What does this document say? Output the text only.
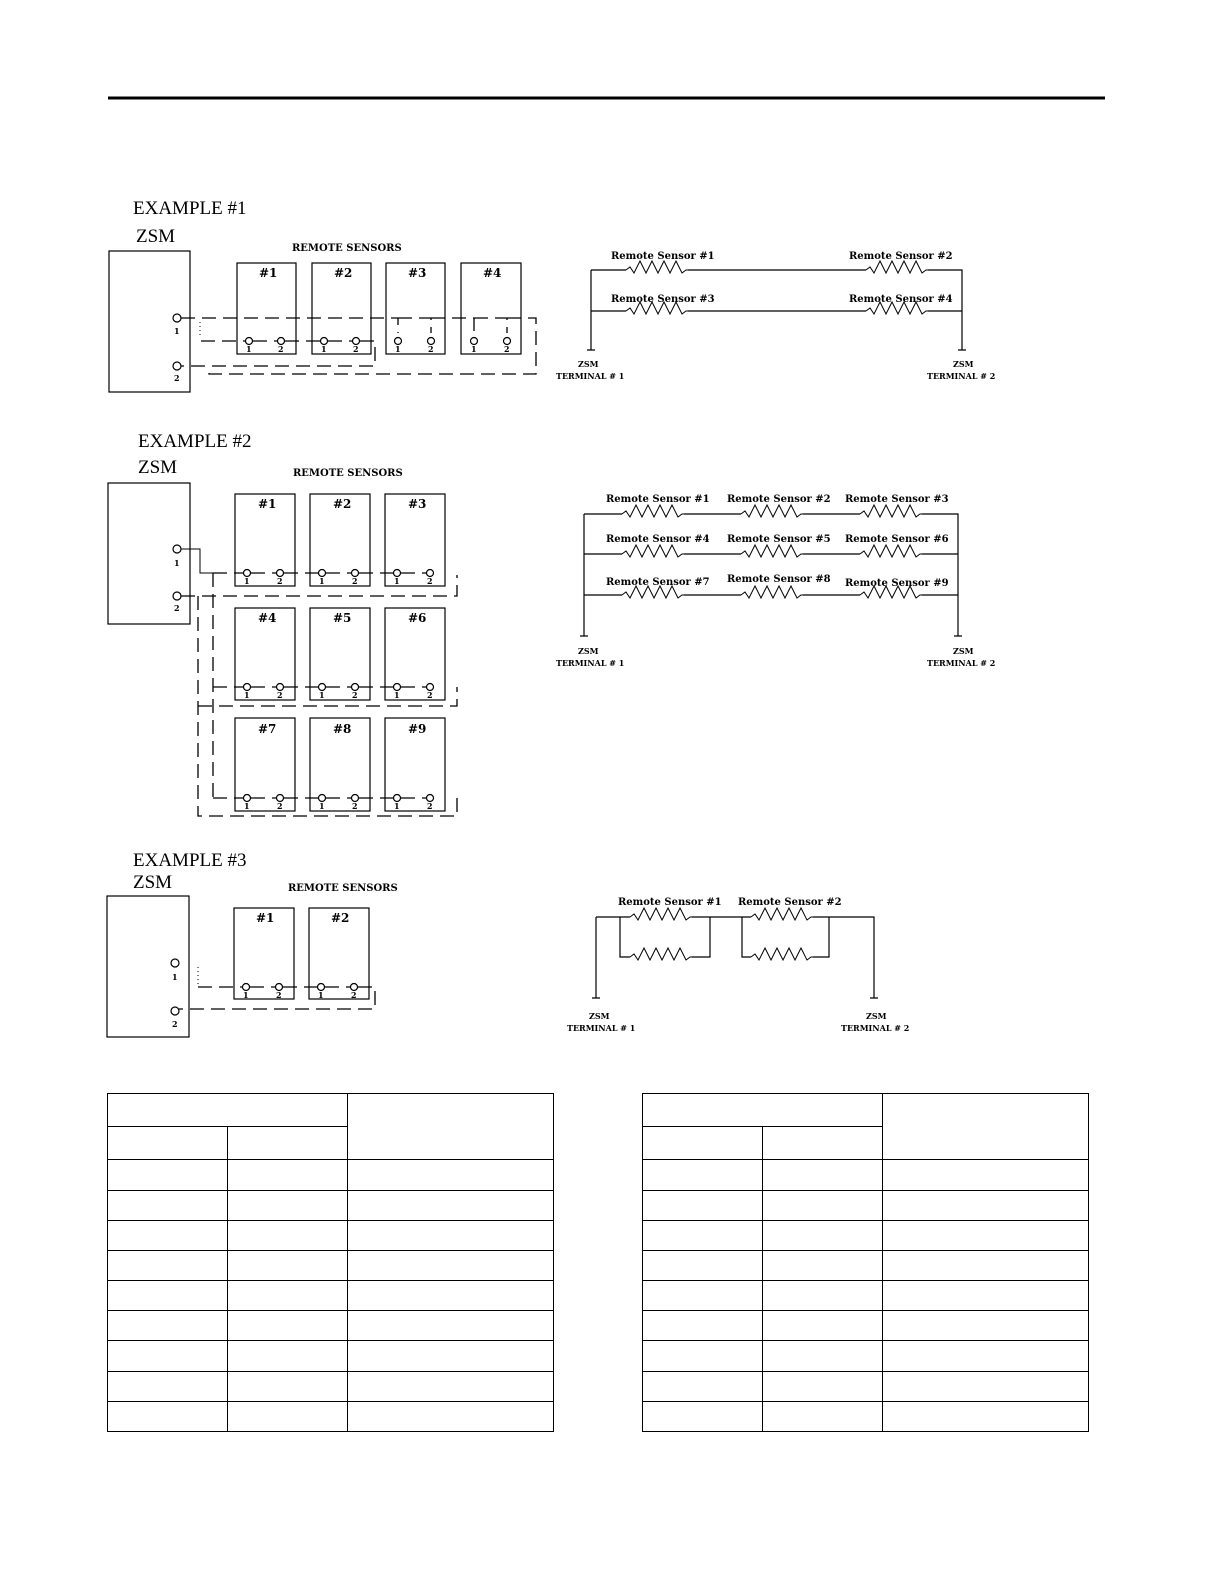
EXAMPLE #1
ZSM
REMOTE SENSORS
1
2
#1
1	2
#2
1	2
#3
1	2
#4
1	2
Remote Sensor #1	Remote Sensor #2
Remote Sensor #3	Remote Sensor #4
ZSM
TERMINAL # 1
ZSM
TERMINAL # 2
EXAMPLE #2
ZSM	REMOTE SENSORS
1
2
#1
1	2
#2
1	2
#3
1	2
#4
1	2
#5
1	2
#6
1	2
#7
1	2
#8
1	2
#9
1	2
Remote Sensor #1 Remote Sensor #2 Remote Sensor #3
Remote Sensor #4 Remote Sensor #5 Remote Sensor #6
Remote Sensor #7 Remote Sensor #8 Remote Sensor #9
ZSM
TERMINAL # 1
ZSM
TERMINAL # 2
EXAMPLE #3
ZSM	REMOTE SENSORS
1
2
#1
1	2
#2
1	2
Remote Sensor #1 Remote Sensor #2
ZSM
TERMINAL # 1
ZSM
TERMINAL # 2
